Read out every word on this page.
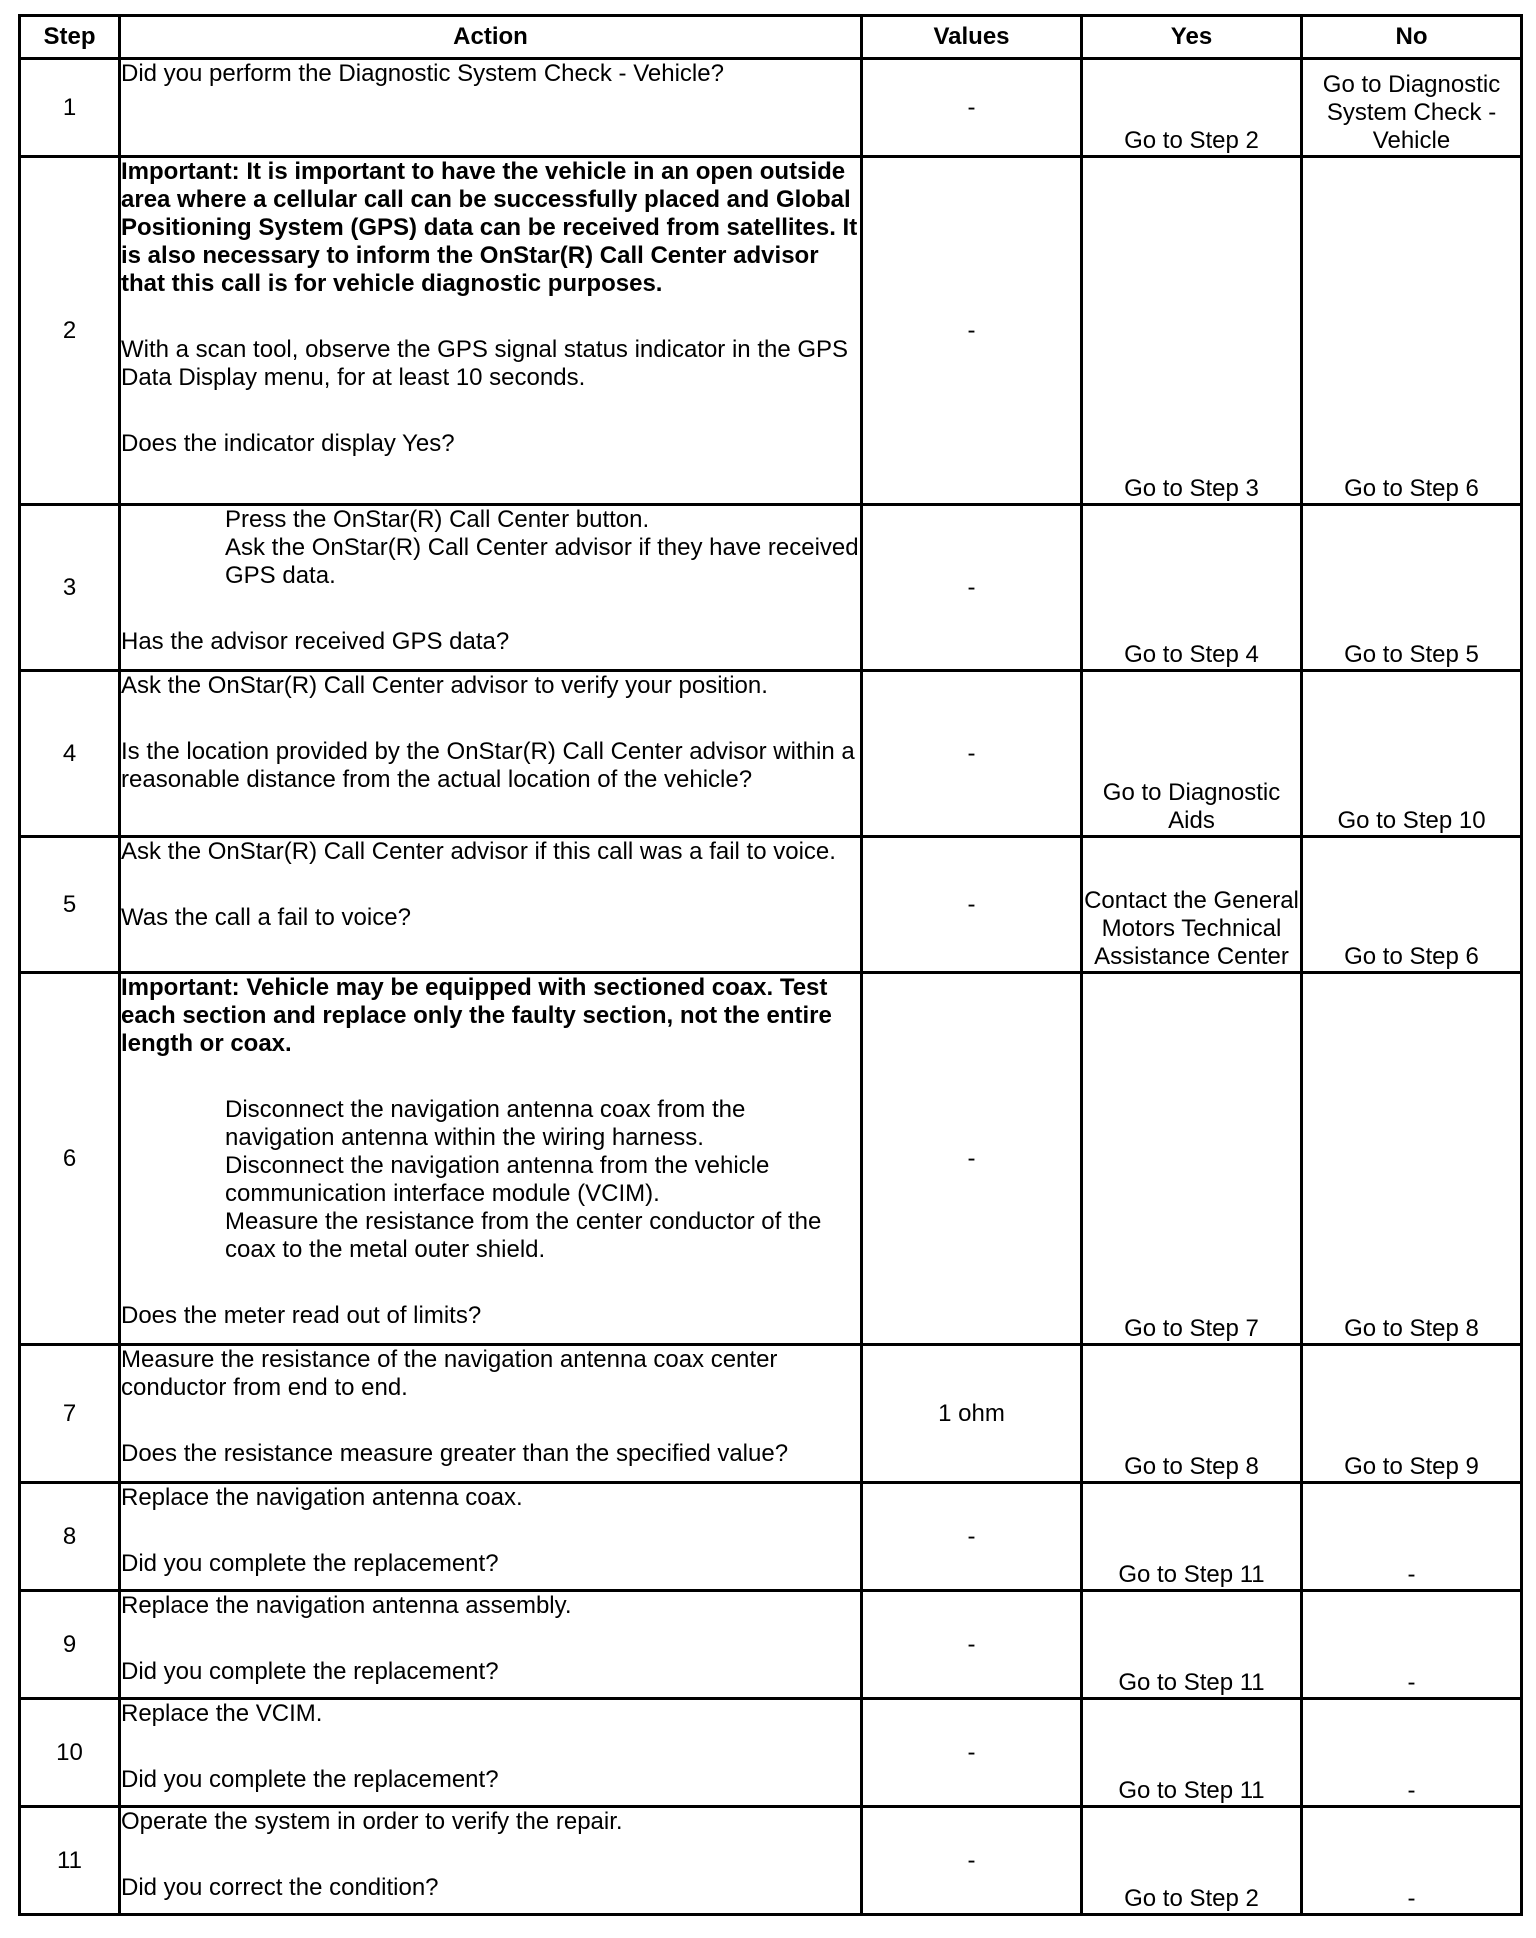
Step	Action	Values	Yes	No
1	Did you perform the Diagnostic System Check - Vehicle?	-	Go to Step 2	Go to Diagnostic System Check - Vehicle
2	Important: It is important to have the vehicle in an open outside area where a cellular call can be successfully placed and Global Positioning System (GPS) data can be received from satellites. It is also necessary to inform the OnStar(R) Call Center advisor that this call is for vehicle diagnostic purposes.

With a scan tool, observe the GPS signal status indicator in the GPS Data Display menu, for at least 10 seconds.

Does the indicator display Yes?	-	Go to Step 3	Go to Step 6
3	Press the OnStar(R) Call Center button.

Ask the OnStar(R) Call Center advisor if they have received GPS data.

Has the advisor received GPS data?	-	Go to Step 4	Go to Step 5
4	Ask the OnStar(R) Call Center advisor to verify your position.

Is the location provided by the OnStar(R) Call Center advisor within a reasonable distance from the actual location of the vehicle?	-	Go to Diagnostic Aids	Go to Step 10
5	Ask the OnStar(R) Call Center advisor if this call was a fail to voice.

Was the call a fail to voice?	-	Contact the General Motors Technical Assistance Center	Go to Step 6
6	Important: Vehicle may be equipped with sectioned coax. Test each section and replace only the faulty section, not the entire length or coax.

Disconnect the navigation antenna coax from the navigation antenna within the wiring harness.

Disconnect the navigation antenna from the vehicle communication interface module (VCIM).

Measure the resistance from the center conductor of the coax to the metal outer shield.

Does the meter read out of limits?	-	Go to Step 7	Go to Step 8
7	Measure the resistance of the navigation antenna coax center conductor from end to end.

Does the resistance measure greater than the specified value?	1 ohm	Go to Step 8	Go to Step 9
8	Replace the navigation antenna coax.

Did you complete the replacement?	-	Go to Step 11	-
9	Replace the navigation antenna assembly.

Did you complete the replacement?	-	Go to Step 11	-
10	Replace the VCIM.

Did you complete the replacement?	-	Go to Step 11	-
11	Operate the system in order to verify the repair.

Did you correct the condition?	-	Go to Step 2	-
